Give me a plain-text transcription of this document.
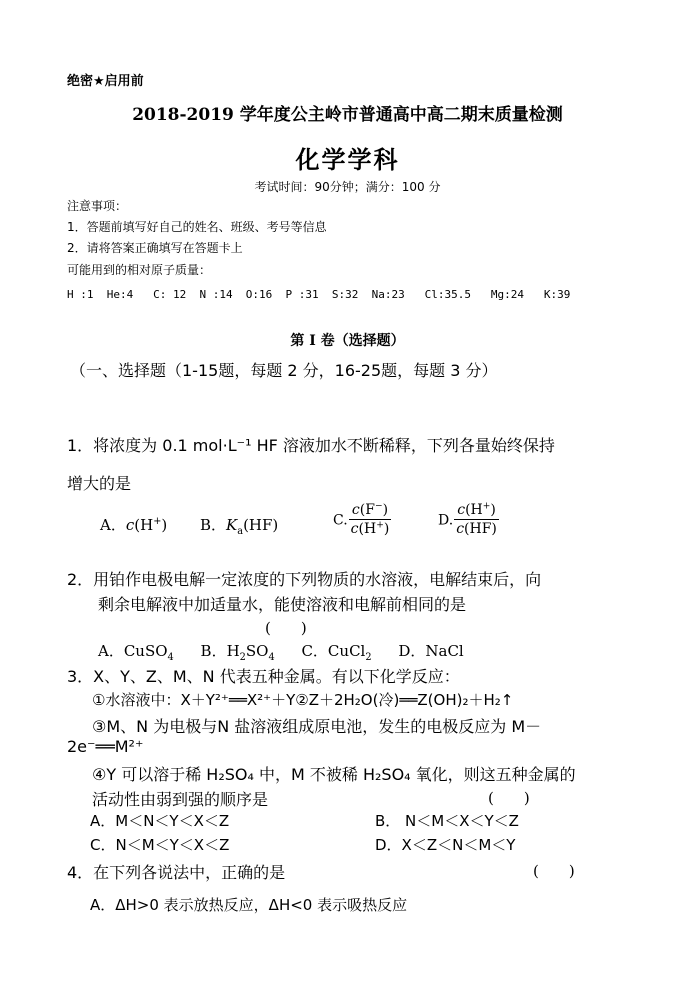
绝密★启用前
2018-2019 学年度公主岭市普通高中高二期末质量检测
化学学科
考试时间：90分钟；满分：100 分
注意事项：
1．答题前填写好自己的姓名、班级、考号等信息
2．请将答案正确填写在答题卡上
可能用到的相对原子质量：
H :1  He:4   C: 12  N :14  O:16  P :31  S:32  Na:23   Cl:35.5   Mg:24   K:39
第 I 卷（选择题）
（一、选择题（1-15题，每题 2 分，16-25题，每题 3 分）
1．将浓度为 0.1 mol·L⁻¹ HF 溶液加水不断稀释，下列各量始终保持
增大的是
A．c(H+) B．$K_a(HF)$	C. $\frac{c(F^-)}{c(H^+)}$	D. $\frac{c(H^+)}{c(HF)}$
2．用铂作电极电解一定浓度的下列物质的水溶液，电解结束后，向
剩余电解液中加适量水，能使溶液和电解前相同的是
(　　)
A．CuSO$_4$ B．$H_2SO_4$ C．CuCl$_2$ D．NaCl
3．X、Y、Z、M、N 代表五种金属。有以下化学反应：
①水溶液中：X＋Y²⁺══X²⁺＋Y②Z＋2H₂O(冷)══Z(OH)₂＋H₂↑
③M、N 为电极与N 盐溶液组成原电池，发生的电极反应为 M－
2e⁻══M²⁺
④Y 可以溶于稀 H₂SO₄ 中，M 不被稀 H₂SO₄ 氧化，则这五种金属的
活动性由弱到强的顺序是	(　　)
A．M＜N＜Y＜X＜Z	B． N＜M＜X＜Y＜Z
C．N＜M＜Y＜X＜Z	D．X＜Z＜N＜M＜Y
4．在下列各说法中，正确的是	(　　)
A．ΔH>0 表示放热反应，ΔH<0 表示吸热反应
